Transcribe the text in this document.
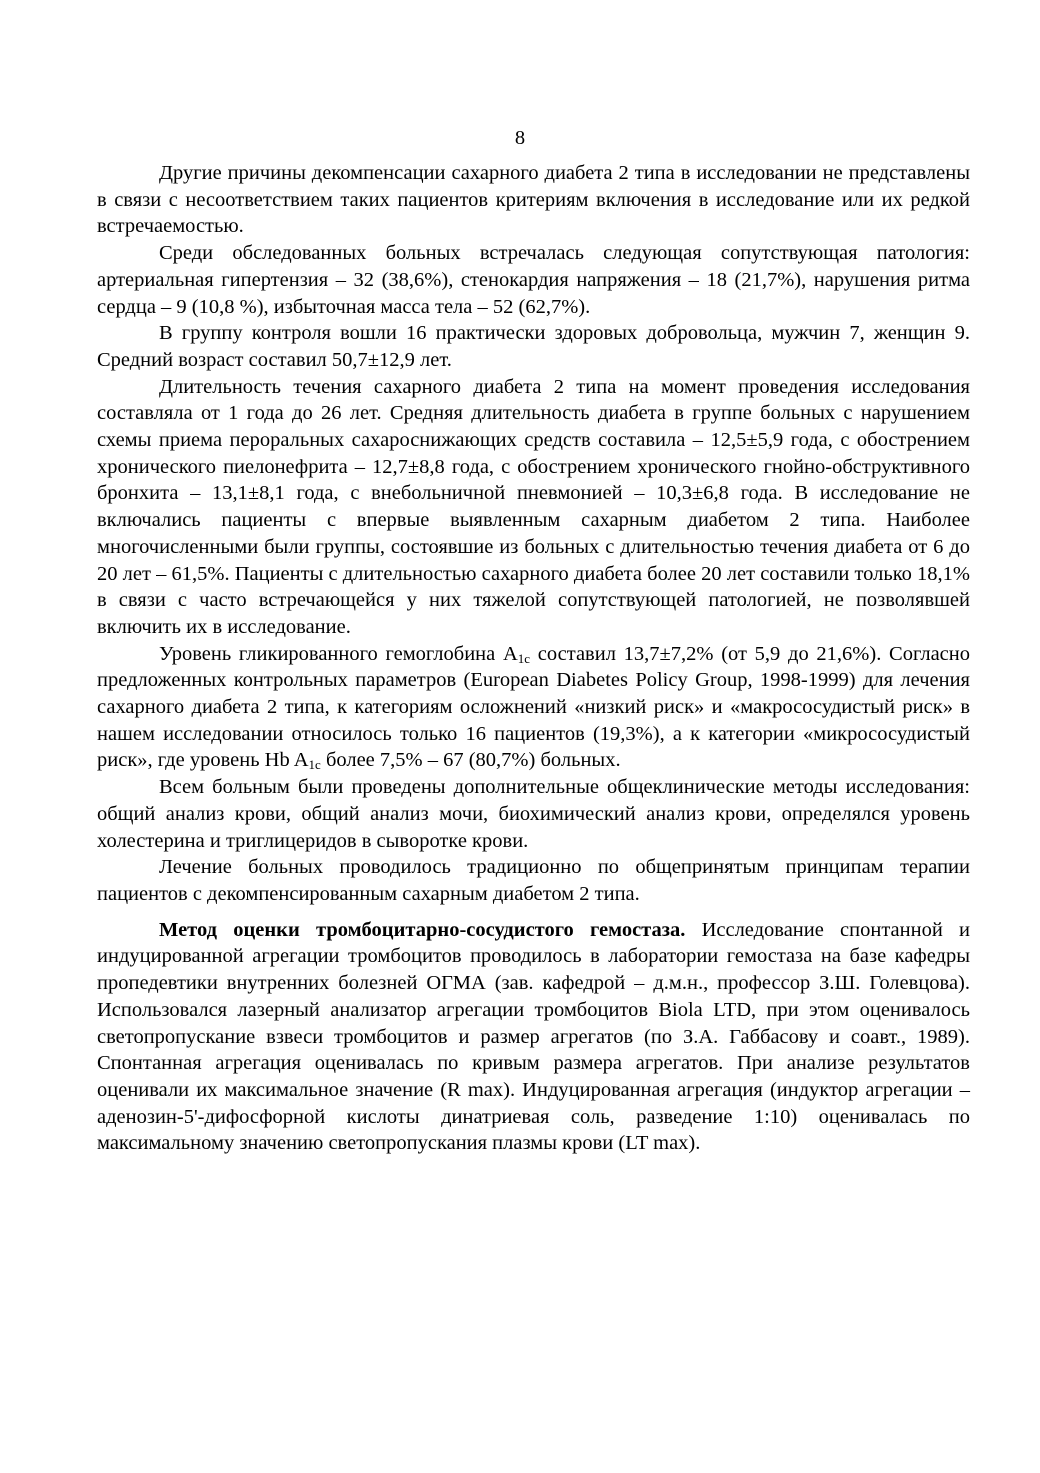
8

Другие причины декомпенсации сахарного диабета 2 типа в исследовании не представлены в связи с несоответствием таких пациентов критериям включения в исследование или их редкой встречаемостью.

Среди обследованных больных встречалась следующая сопутствующая патология: артериальная гипертензия – 32 (38,6%), стенокардия напряжения – 18 (21,7%), нарушения ритма сердца – 9 (10,8 %), избыточная масса тела – 52 (62,7%).

В группу контроля вошли 16 практически здоровых добровольца, мужчин 7, женщин 9. Средний возраст составил 50,7±12,9 лет.

Длительность течения сахарного диабета 2 типа на момент проведения исследования составляла от 1 года до 26 лет. Средняя длительность диабета в группе больных с нарушением схемы приема пероральных сахароснижающих средств составила – 12,5±5,9 года, с обострением хронического пиелонефрита – 12,7±8,8 года, с обострением хронического гнойно-обструктивного бронхита – 13,1±8,1 года, с внебольничной пневмонией – 10,3±6,8 года. В исследование не включались пациенты с впервые выявленным сахарным диабетом 2 типа. Наиболее многочисленными были группы, состоявшие из больных с длительностью течения диабета от 6 до 20 лет – 61,5%. Пациенты с длительностью сахарного диабета более 20 лет составили только 18,1% в связи с часто встречающейся у них тяжелой сопутствующей патологией, не позволявшей включить их в исследование.

Уровень гликированного гемоглобина $А_{1с}$ составил 13,7±7,2% (от 5,9 до 21,6%). Согласно предложенных контрольных параметров (European Diabetes Policy Group, 1998-1999) для лечения сахарного диабета 2 типа, к категориям осложнений «низкий риск» и «макрососудистый риск» в нашем исследовании относилось только 16 пациентов (19,3%), а к категории «микрососудистый риск», где уровень Hb $A_{1c}$ более 7,5% – 67 (80,7%) больных.

Всем больным были проведены дополнительные общеклинические методы исследования: общий анализ крови, общий анализ мочи, биохимический анализ крови, определялся уровень холестерина и триглицеридов в сыворотке крови.

Лечение больных проводилось традиционно по общепринятым принципам терапии пациентов с декомпенсированным сахарным диабетом 2 типа.

Метод оценки тромбоцитарно-сосудистого гемостаза. Исследование спонтанной и индуцированной агрегации тромбоцитов проводилось в лаборатории гемостаза на базе кафедры пропедевтики внутренних болезней ОГМА (зав. кафедрой – д.м.н., профессор З.Ш. Голевцова). Использовался лазерный анализатор агрегации тромбоцитов Biola LTD, при этом оценивалось светопропускание взвеси тромбоцитов и размер агрегатов (по З.А. Габбасову и соавт., 1989). Спонтанная агрегация оценивалась по кривым размера агрегатов. При анализе результатов оценивали их максимальное значение (R max). Индуцированная агрегация (индуктор агрегации – аденозин-5'-дифосфорной кислоты динатриевая соль, разведение 1:10) оценивалась по максимальному значению светопропускания плазмы крови (LT max).
